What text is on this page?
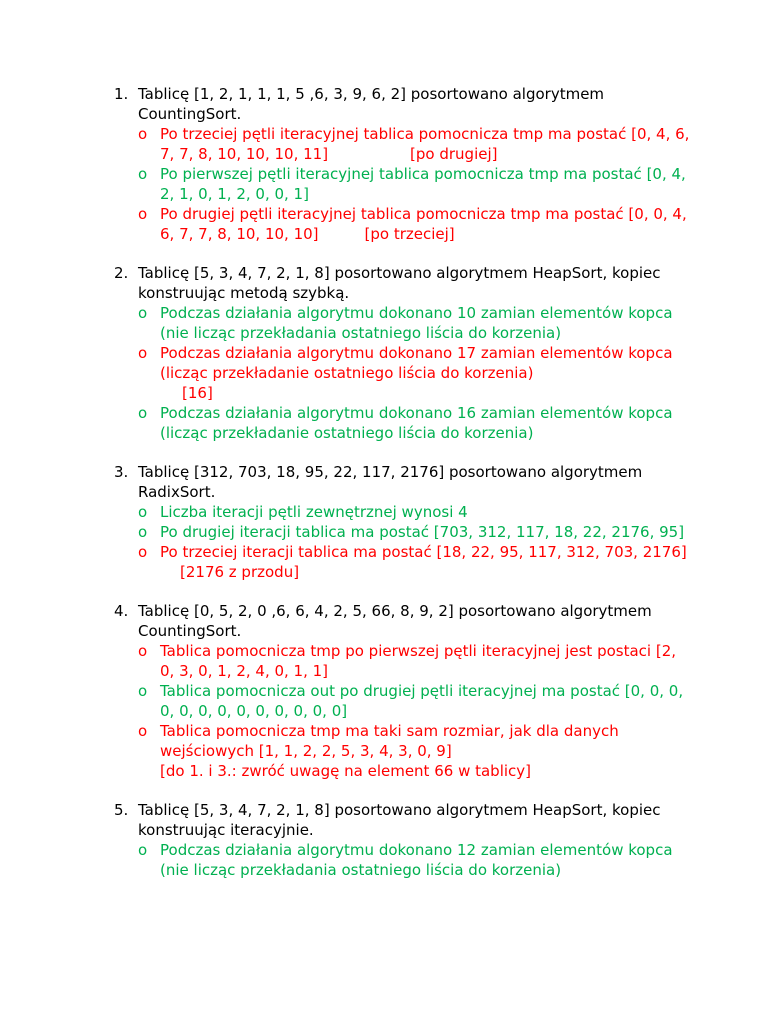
1. Tablicę [1, 2, 1, 1, 1, 5 ,6, 3, 9, 6, 2] posortowano algorytmem CountingSort.
o Po trzeciej pętli iteracyjnej tablica pomocnicza tmp ma postać [0, 4, 6, 7, 7, 8, 10, 10, 10, 11]	[po drugiej]
o Po pierwszej pętli iteracyjnej tablica pomocnicza tmp ma postać [0, 4, 2, 1, 0, 1, 2, 0, 0, 1]
o Po drugiej pętli iteracyjnej tablica pomocnicza tmp ma postać [0, 0, 4, 6, 7, 7, 8, 10, 10, 10]	[po trzeciej]
2. Tablicę [5, 3, 4, 7, 2, 1, 8] posortowano algorytmem HeapSort, kopiec konstruując metodą szybką.
o Podczas działania algorytmu dokonano 10 zamian elementów kopca (nie licząc przekładania ostatniego liścia do korzenia)
o Podczas działania algorytmu dokonano 17 zamian elementów kopca (licząc przekładanie ostatniego liścia do korzenia)
[16]
o Podczas działania algorytmu dokonano 16 zamian elementów kopca (licząc przekładanie ostatniego liścia do korzenia)
3. Tablicę [312, 703, 18, 95, 22, 117, 2176] posortowano algorytmem RadixSort.
o Liczba iteracji pętli zewnętrznej wynosi 4
o Po drugiej iteracji tablica ma postać [703, 312, 117, 18, 22, 2176, 95]
o Po trzeciej iteracji tablica ma postać [18, 22, 95, 117, 312, 703, 2176][2176 z przodu]
4. Tablicę [0, 5, 2, 0 ,6, 6, 4, 2, 5, 66, 8, 9, 2] posortowano algorytmem CountingSort.
o Tablica pomocnicza tmp po pierwszej pętli iteracyjnej jest postaci [2, 0, 3, 0, 1, 2, 4, 0, 1, 1]
o Tablica pomocnicza out po drugiej pętli iteracyjnej ma postać [0, 0, 0, 0, 0, 0, 0, 0, 0, 0, 0, 0, 0]
o Tablica pomocnicza tmp ma taki sam rozmiar, jak dla danych wejściowych [1, 1, 2, 2, 5, 3, 4, 3, 0, 9]
[do 1. i 3.: zwróć uwagę na element 66 w tablicy]
5. Tablicę [5, 3, 4, 7, 2, 1, 8] posortowano algorytmem HeapSort, kopiec konstruując iteracyjnie.
o Podczas działania algorytmu dokonano 12 zamian elementów kopca (nie licząc przekładania ostatniego liścia do korzenia)
